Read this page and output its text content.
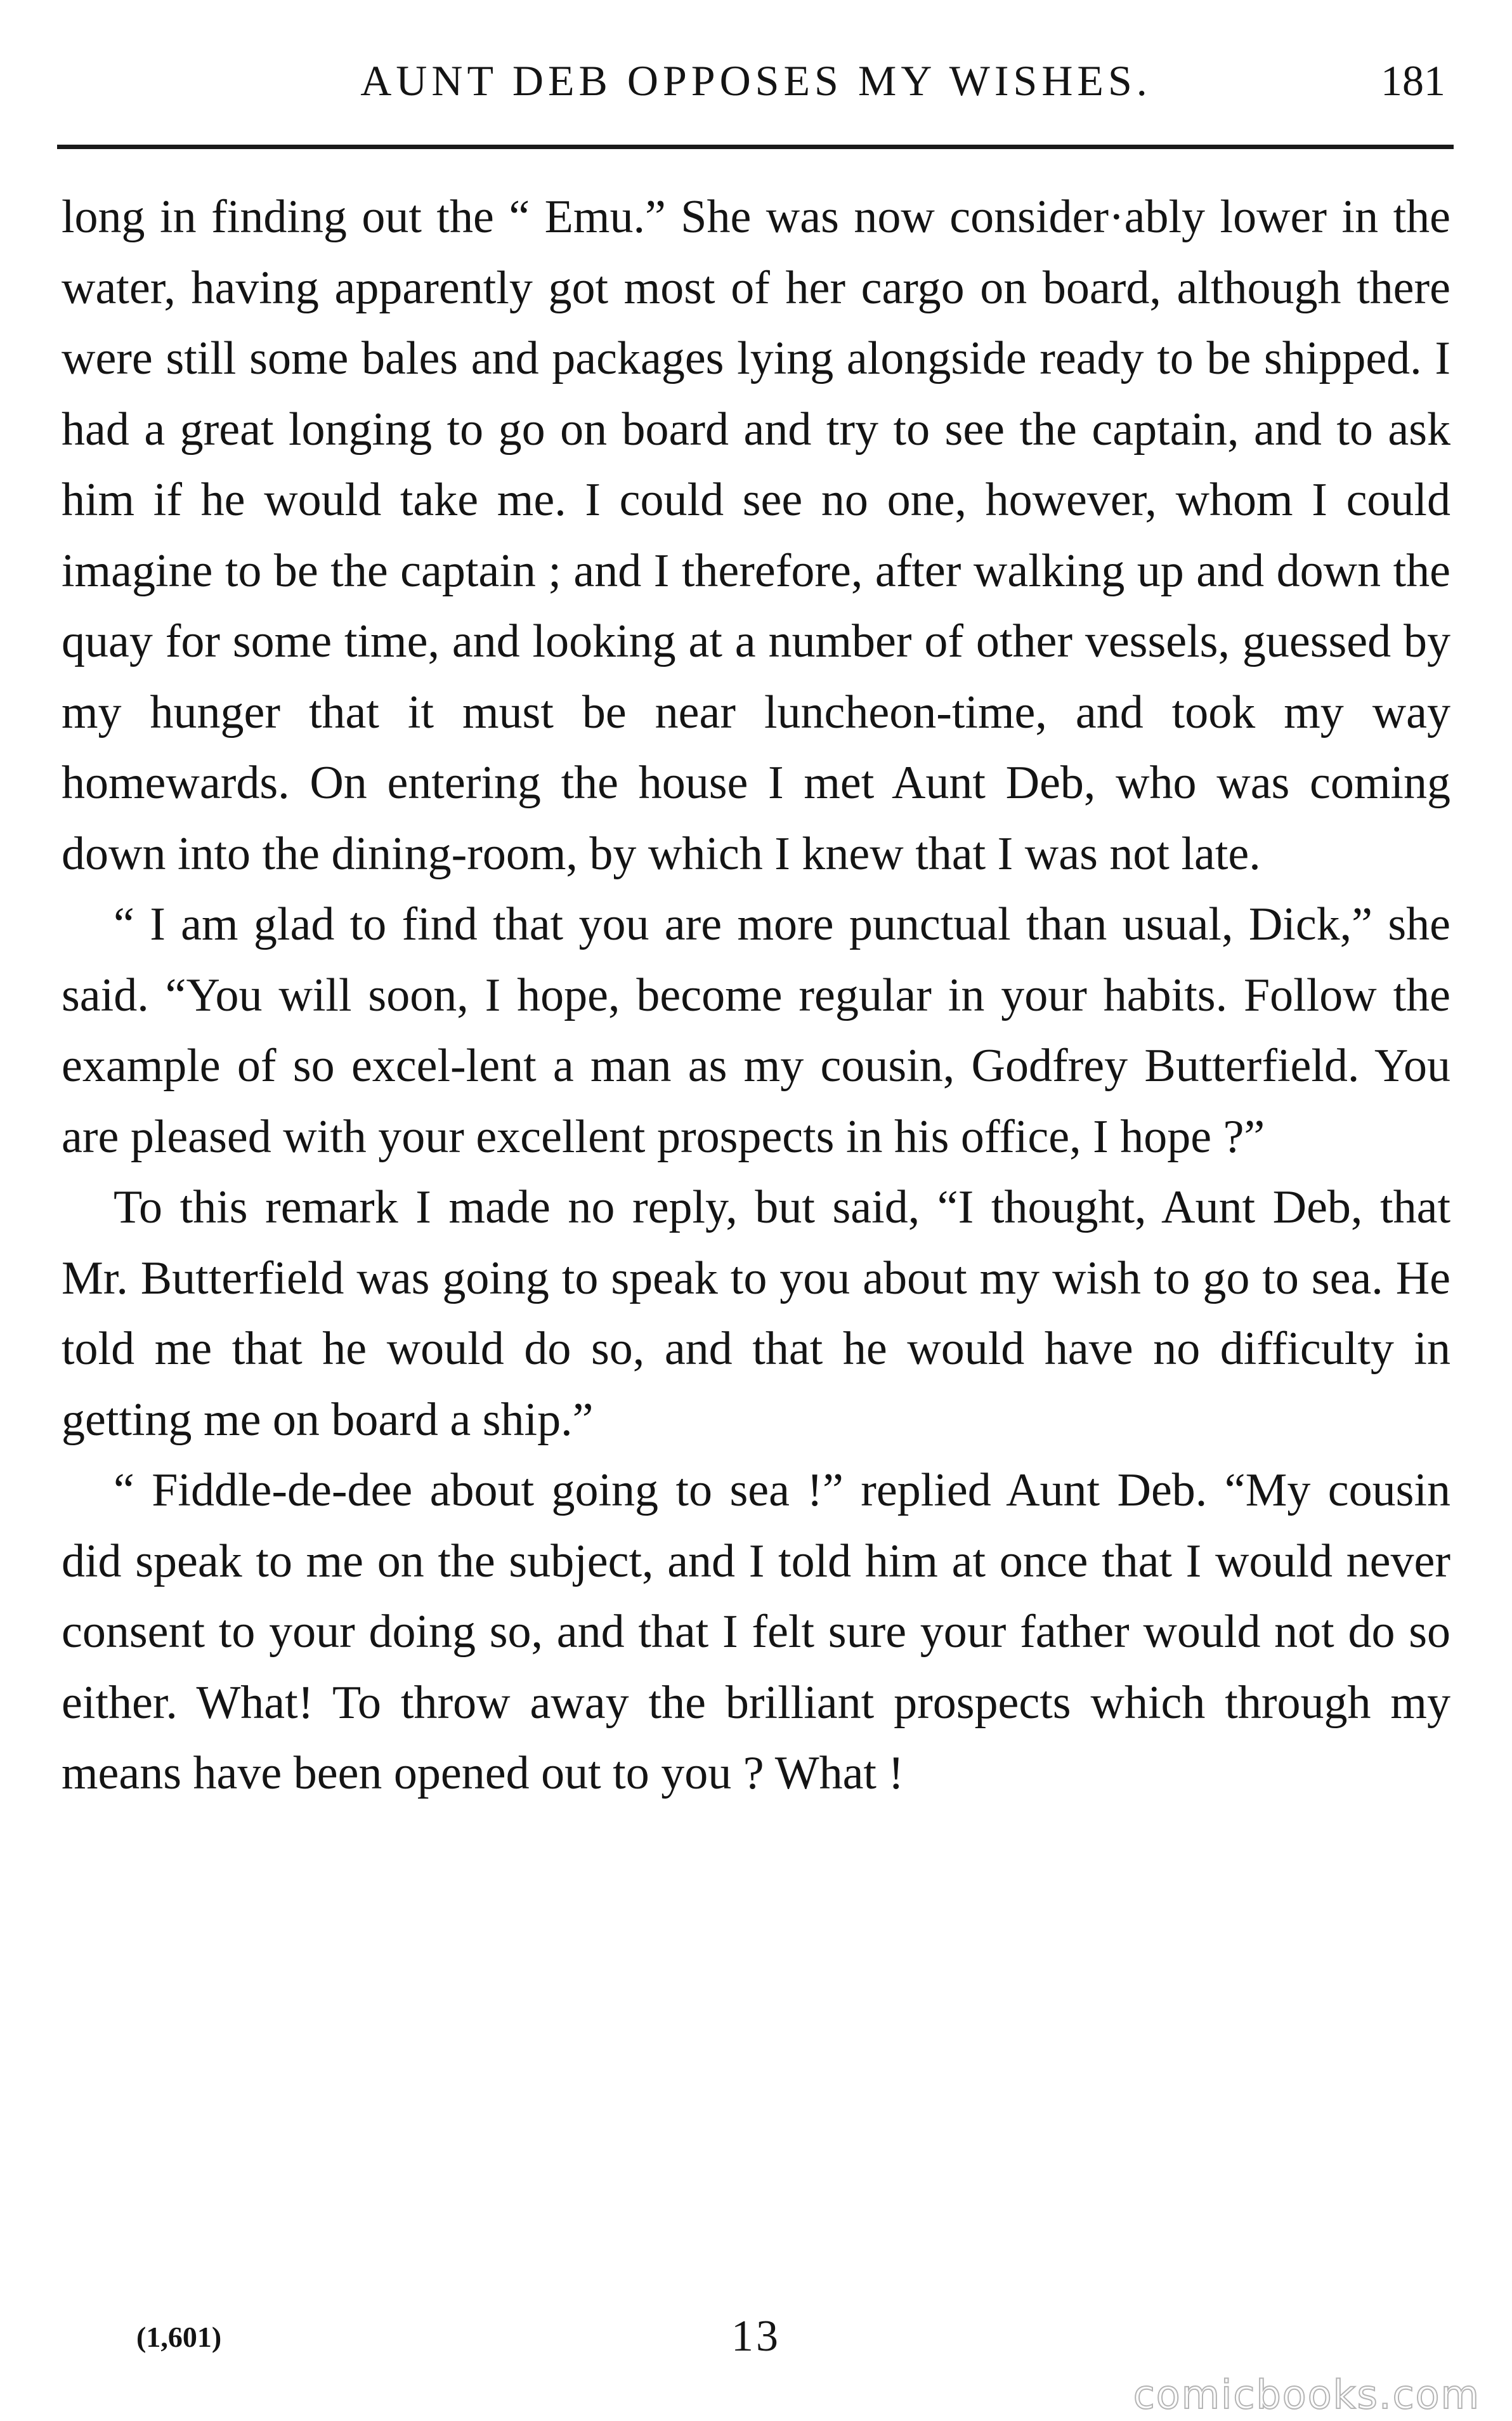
AUNT DEB OPPOSES MY WISHES.	181

long in finding out the “ Emu.” She was now consider·ably lower in the water, having apparently got most of her cargo on board, although there were still some bales and packages lying alongside ready to be shipped. I had a great longing to go on board and try to see the captain, and to ask him if he would take me. I could see no one, however, whom I could imagine to be the captain ; and I therefore, after walking up and down the quay for some time, and looking at a number of other vessels, guessed by my hunger that it must be near luncheon-time, and took my way homewards. On entering the house I met Aunt Deb, who was coming down into the dining-room, by which I knew that I was not late.

“ I am glad to find that you are more punctual than usual, Dick,” she said. “You will soon, I hope, become regular in your habits. Follow the example of so excel-lent a man as my cousin, Godfrey Butterfield. You are pleased with your excellent prospects in his office, I hope ?”

To this remark I made no reply, but said, “I thought, Aunt Deb, that Mr. Butterfield was going to speak to you about my wish to go to sea. He told me that he would do so, and that he would have no difficulty in getting me on board a ship.”

“ Fiddle-de-dee about going to sea !” replied Aunt Deb. “My cousin did speak to me on the subject, and I told him at once that I would never consent to your doing so, and that I felt sure your father would not do so either. What! To throw away the brilliant prospects which through my means have been opened out to you ? What !

(1,601)	13
comicbooks.com
